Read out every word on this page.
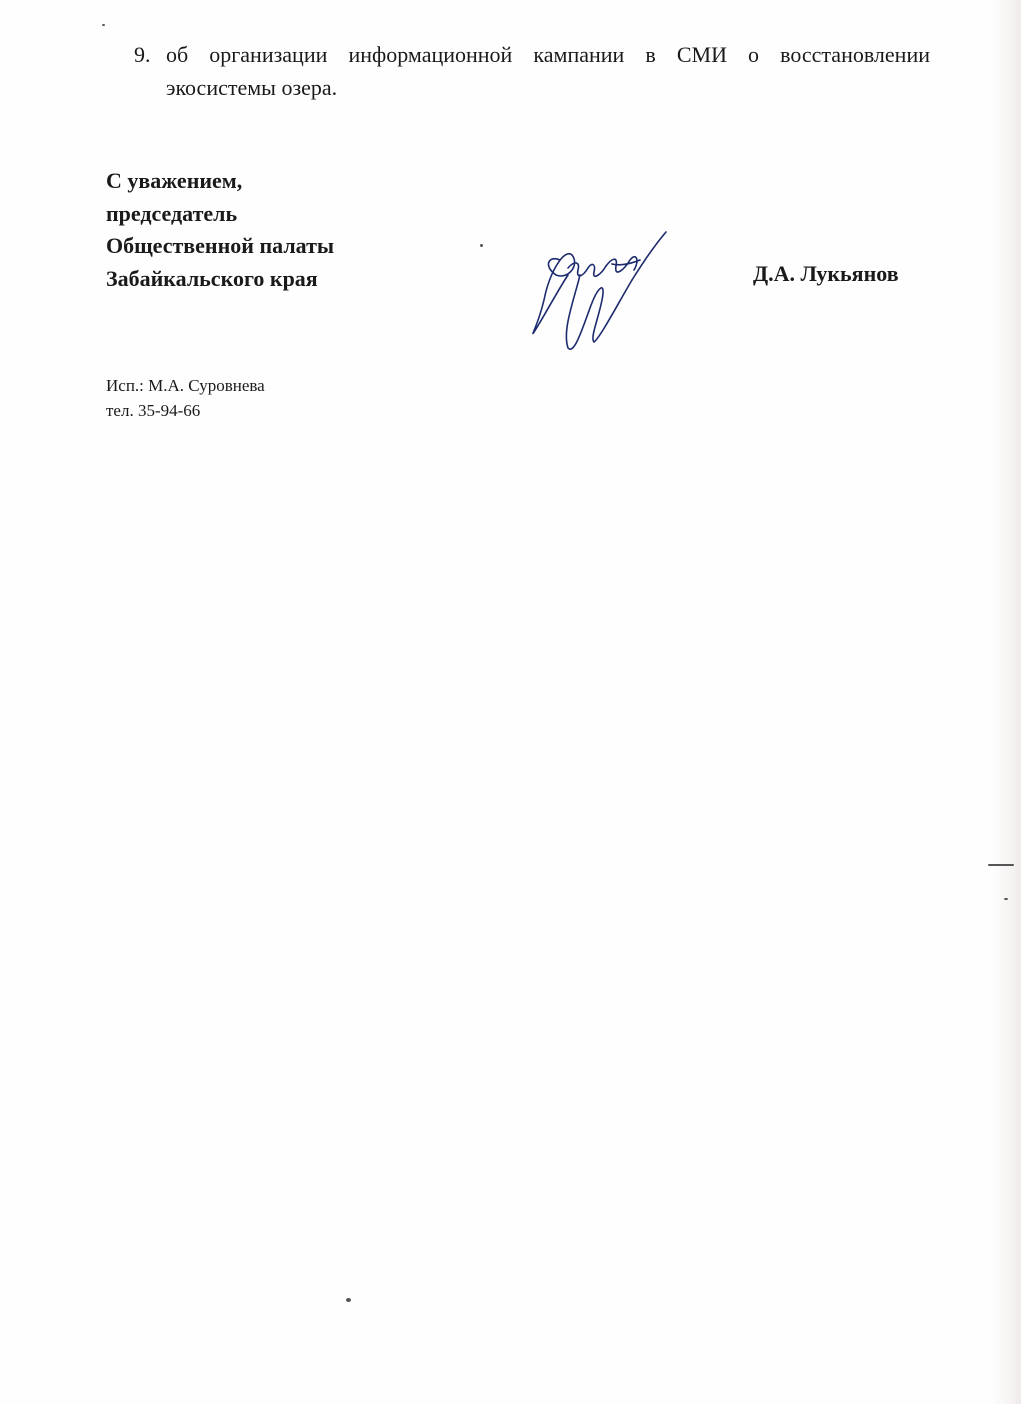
9. об организации информационной кампании в СМИ о восстановлении экосистемы озера.
С уважением,
председатель
Общественной палаты
Забайкальского края	Д.А. Лукьянов
Исп.: М.А. Суровнева
тел. 35-94-66
